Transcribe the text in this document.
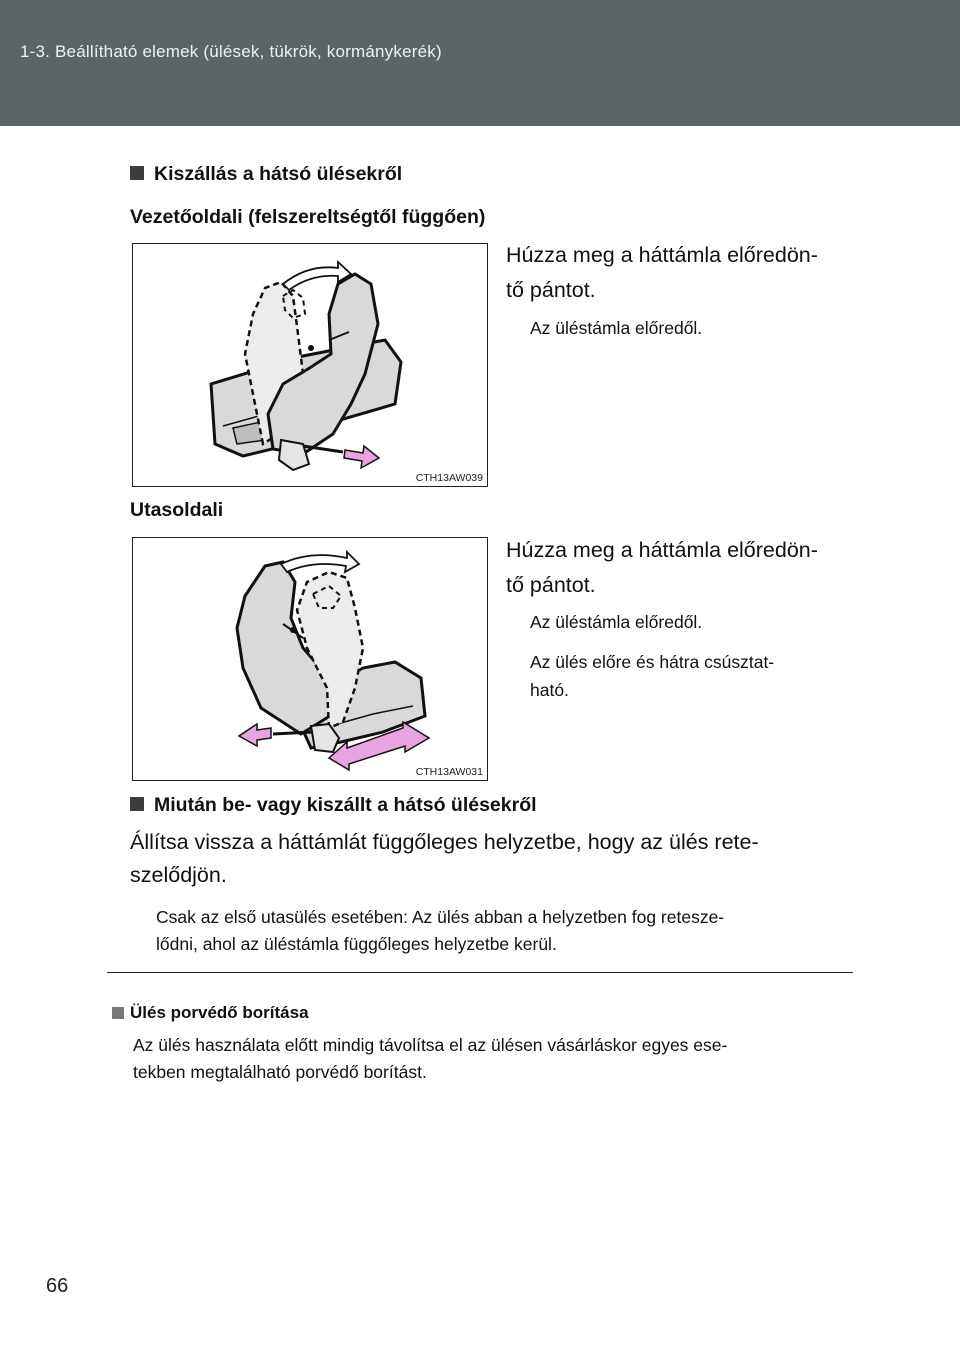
1-3. Beállítható elemek (ülések, tükrök, kormánykerék)
Kiszállás a hátsó ülésekről
Vezetőoldali (felszereltségtől függően)
CTH13AW039
Húzza meg a háttámla előredön-
tő pántot.
Az üléstámla előredől.
Utasoldali
CTH13AW031
Húzza meg a háttámla előredön-
tő pántot.
Az üléstámla előredől.
Az ülés előre és hátra csúsztat-
ható.
Miután be- vagy kiszállt a hátsó ülésekről
Állítsa vissza a háttámlát függőleges helyzetbe, hogy az ülés rete-
szelődjön.
Csak az első utasülés esetében: Az ülés abban a helyzetben fog retesze-
lődni, ahol az üléstámla függőleges helyzetbe kerül.
Ülés porvédő borítása
Az ülés használata előtt mindig távolítsa el az ülésen vásárláskor egyes ese-
tekben megtalálható porvédő borítást.
66
